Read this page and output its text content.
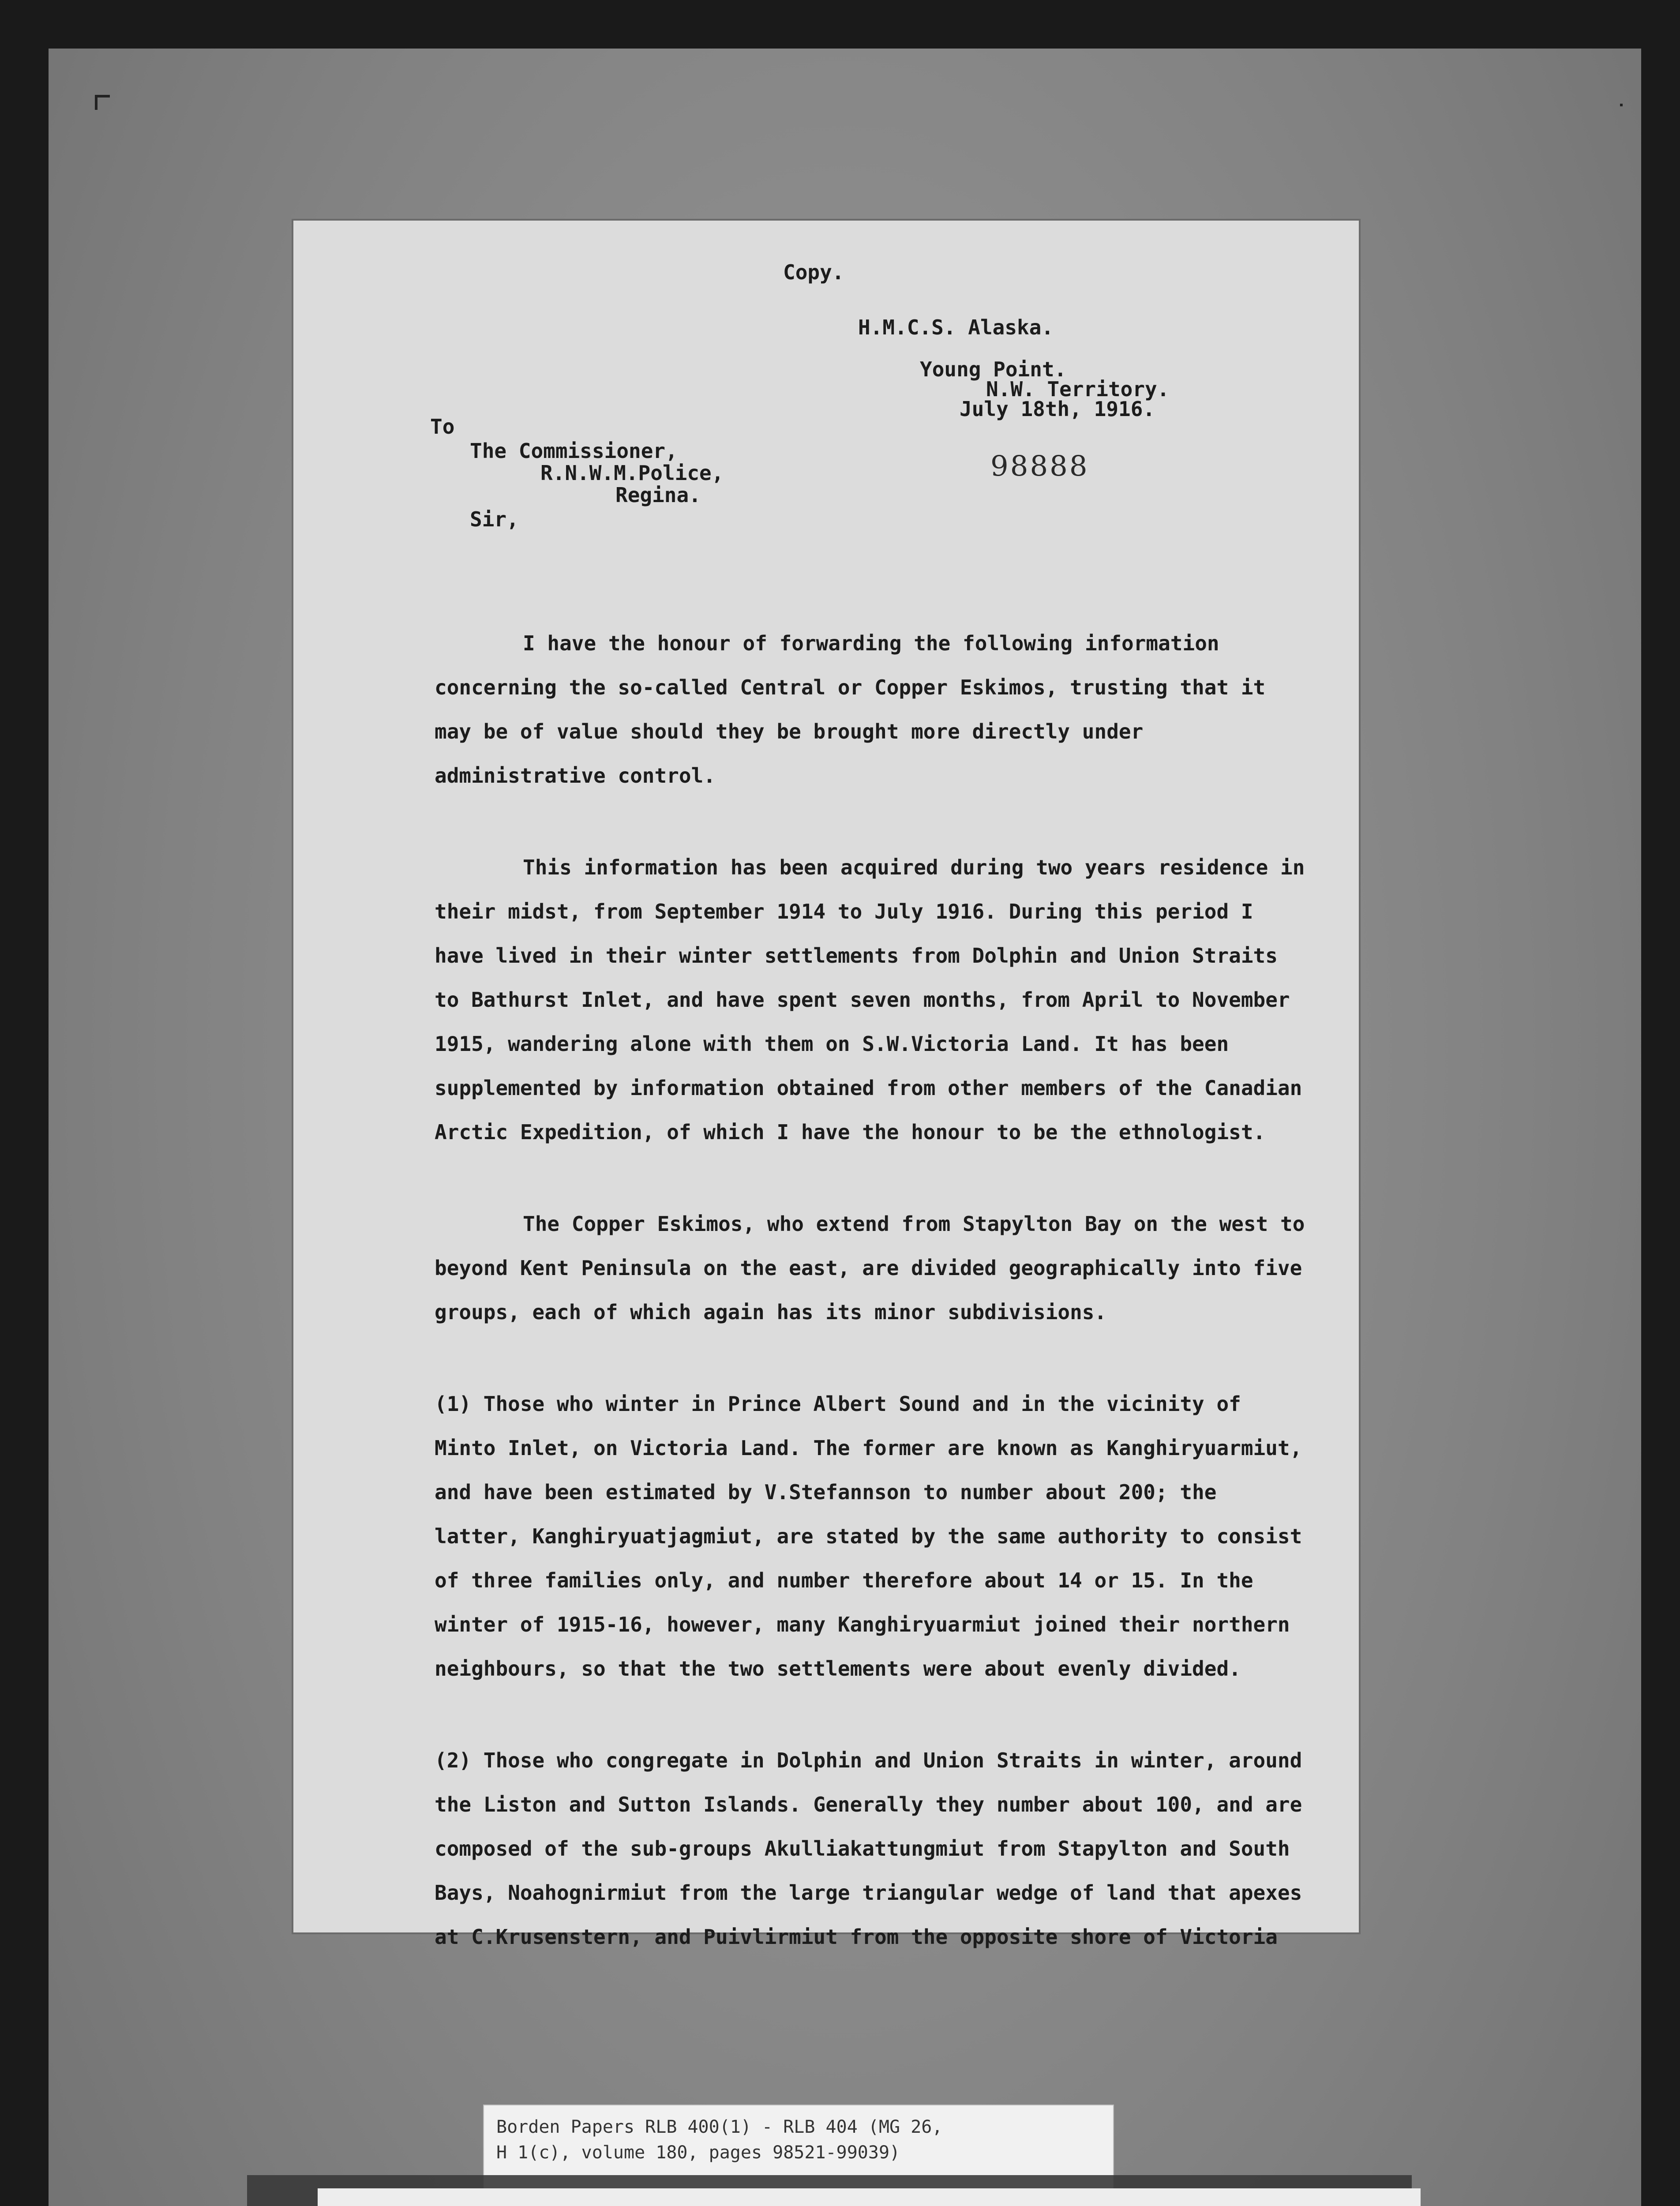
Copy.
H.M.C.S. Alaska.
Young Point.
N.W. Territory.
July 18th, 1916.
To
The Commissioner,
R.N.W.M.Police,
Regina.
Sir,
98888

I have the honour of forwarding the following information concerning the so-called Central or Copper Eskimos, trusting that it may be of value should they be brought more directly under administrative control.

This information has been acquired during two years residence in their midst, from September 1914 to July 1916. During this period I have lived in their winter settlements from Dolphin and Union Straits to Bathurst Inlet, and have spent seven months, from April to November 1915, wandering alone with them on S.W.Victoria Land. It has been supplemented by information obtained from other members of the Canadian Arctic Expedition, of which I have the honour to be the ethnologist.

The Copper Eskimos, who extend from Stapylton Bay on the west to beyond Kent Peninsula on the east, are divided geographically into five groups, each of which again has its minor subdivisions.

(1) Those who winter in Prince Albert Sound and in the vicinity of Minto Inlet, on Victoria Land. The former are known as Kanghiryuarmiut, and have been estimated by V.Stefannson to number about 200; the latter, Kanghiryuatjagmiut, are stated by the same authority to consist of three families only, and number therefore about 14 or 15. In the winter of 1915-16, however, many Kanghiryuarmiut joined their northern neighbours, so that the two settlements were about evenly divided.

(2) Those who congregate in Dolphin and Union Straits in winter, around the Liston and Sutton Islands. Generally they number about 100, and are composed of the sub-groups Akulliakattungmiut from Stapylton and South Bays, Noahognirmiut from the large triangular wedge of land that apexes at C.Krusenstern, and Puivlirmiut from the opposite shore of Victoria

Borden Papers RLB 400(1) - RLB 404 (MG 26,
H 1(c), volume 180, pages 98521-99039)
